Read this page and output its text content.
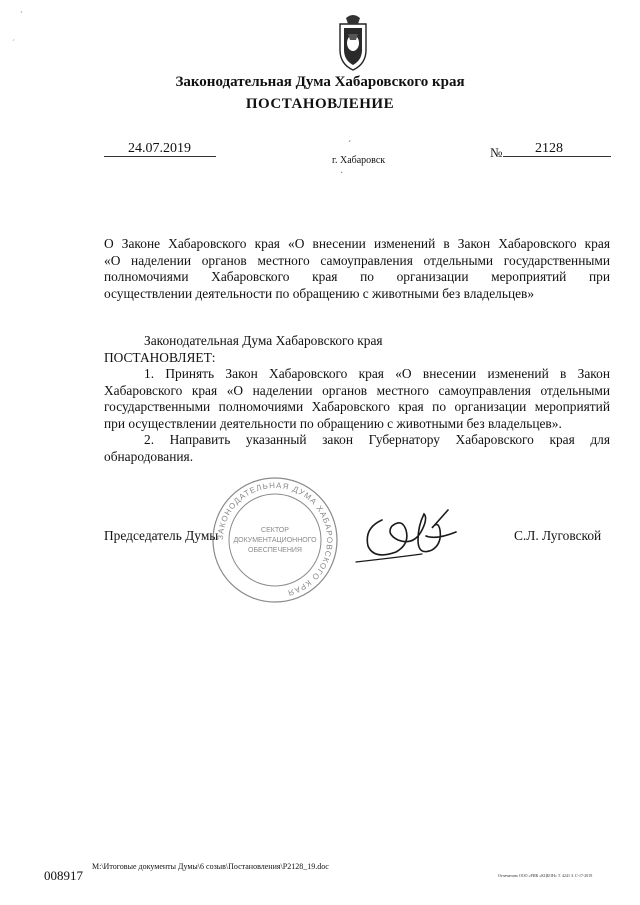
`
ˊ
Законодательная Дума Хабаровского края
ПОСТАНОВЛЕНИЕ
24.07.2019	ˊ
г. Хабаровск
·
№ 2128
О Законе Хабаровского края «О внесении изменений в Закон Хабаровского края
«О наделении органов местного самоуправления отдельными государственными
полномочиями Хабаровского края по организации мероприятий при
осуществлении деятельности по обращению с животными без владельцев»
Законодательная Дума Хабаровского края
ПОСТАНОВЛЯЕТ:
1. Принять Закон Хабаровского края «О внесении изменений в Закон
Хабаровского края «О наделении органов местного самоуправления отдельными
государственными полномочиями Хабаровского края по организации мероприятий
при осуществлении деятельности по обращению с животными без владельцев».
2. Направить указанный закон Губернатору Хабаровского края для
обнародования.
ЗАКОНОДАТЕЛЬНАЯ ДУМА ХАБАРОВСКОГО КРАЯ
СЕКТОР
ДОКУМЕНТАЦИОННОГО
ОБЕСПЕЧЕНИЯ
Председатель Думы	С.Л. Луговской
008917
M:\Итоговые документы Думы\6 созыв\Постановления\P2128_19.doc
Отпечатано ООО «РИК «КЦБОН» Т. 4241 З. С-17-2019
